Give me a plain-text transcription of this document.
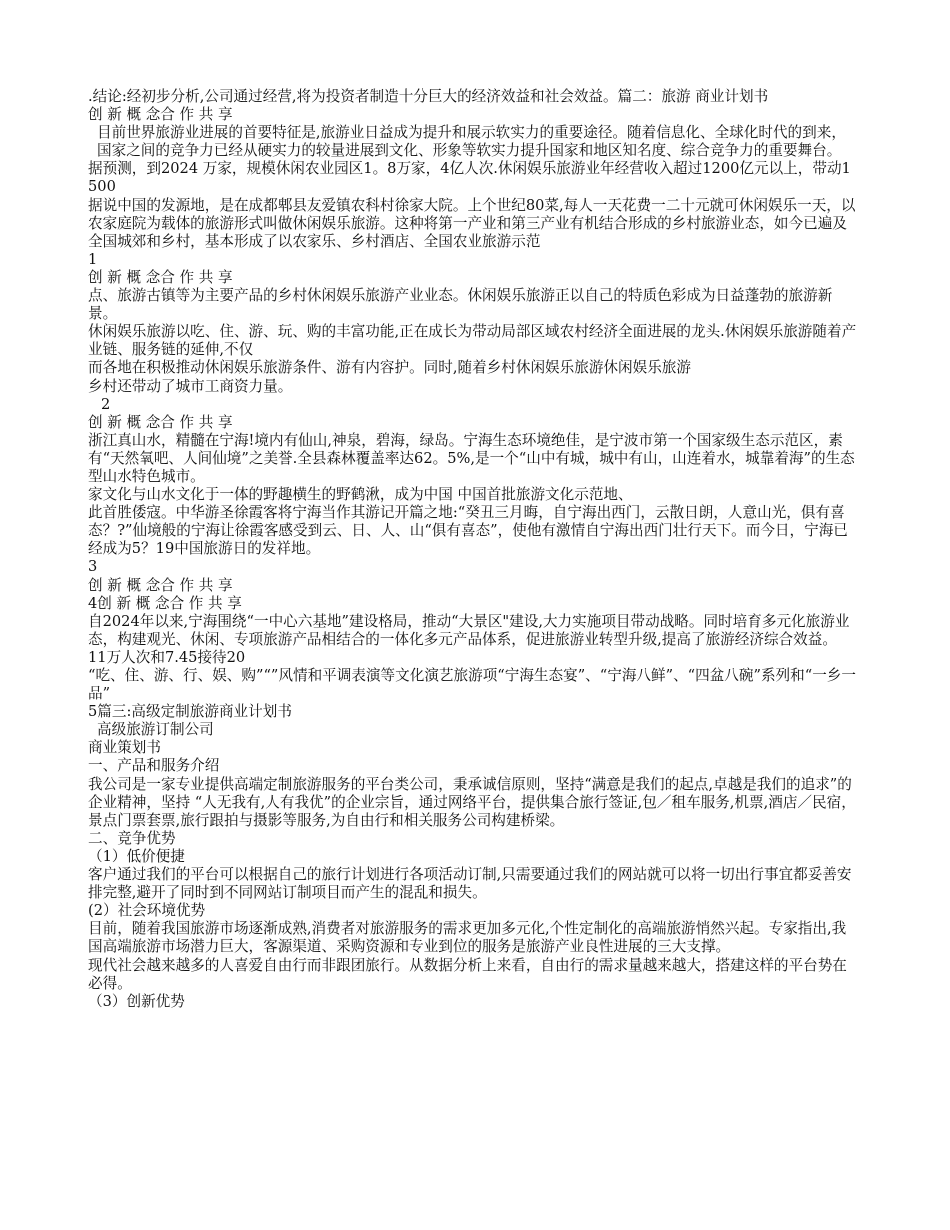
.结论:经初步分析,公司通过经营,将为投资者制造十分巨大的经济效益和社会效益。篇二：旅游 商业计划书

创 新 概 念合 作 共 享

目前世界旅游业进展的首要特征是,旅游业日益成为提升和展示软实力的重要途径。随着信息化、全球化时代的到来，国家之间的竞争力已经从硬实力的较量进展到文化、形象等软实力提升国家和地区知名度、综合竞争力的重要舞台。

据预测，到2024 万家，规模休闲农业园区1。8万家，4亿人次.休闲娱乐旅游业年经营收入超过1200亿元以上，带动1500

据说中国的发源地，是在成都郫县友爱镇农科村徐家大院。上个世纪80菜,每人一天花费一二十元就可休闲娱乐一天，以农家庭院为载体的旅游形式叫做休闲娱乐旅游。这种将第一产业和第三产业有机结合形成的乡村旅游业态，如今已遍及全国城郊和乡村，基本形成了以农家乐、乡村酒店、全国农业旅游示范

1

创 新 概 念合 作 共 享

点、旅游古镇等为主要产品的乡村休闲娱乐旅游产业业态。休闲娱乐旅游正以自己的特质色彩成为日益蓬勃的旅游新景。

休闲娱乐旅游以吃、住、游、玩、购的丰富功能,正在成长为带动局部区域农村经济全面进展的龙头.休闲娱乐旅游随着产业链、服务链的延伸,不仅

而各地在积极推动休闲娱乐旅游条件、游有内容护。同时,随着乡村休闲娱乐旅游休闲娱乐旅游

乡村还带动了城市工商资力量。

2

创 新 概 念合 作 共 享

浙江真山水，精髓在宁海!境内有仙山,神泉，碧海，绿岛。宁海生态环境绝佳，是宁波市第一个国家级生态示范区，素有“天然氧吧、人间仙境”之美誉.全县森林覆盖率达62。5%,是一个“山中有城，城中有山，山连着水，城靠着海”的生态型山水特色城市。

家文化与山水文化于一体的野趣横生的野鹤湫，成为中国 中国首批旅游文化示范地、

此首胜倭寇。中华游圣徐霞客将宁海当作其游记开篇之地:“癸丑三月晦，自宁海出西门，云散日朗，人意山光，俱有喜态？?”仙境般的宁海让徐霞客感受到云、日、人、山“俱有喜态”，使他有激情自宁海出西门壮行天下。而今日，宁海已经成为5？19中国旅游日的发祥地。

3

创 新 概 念合 作 共 享

4创 新 概 念合 作 共 享

自2024年以来,宁海围绕“一中心六基地”建设格局，推动“大景区"建设,大力实施项目带动战略。同时培育多元化旅游业态，构建观光、休闲、专项旅游产品相结合的一体化多元产品体系，促进旅游业转型升级,提高了旅游经济综合效益。

11万人次和7.45接待20

“吃、住、游、行、娱、购”“”风情和平调表演等文化演艺旅游项“宁海生态宴”、“宁海八鲜”、“四盆八碗”系列和“一乡一品”

5篇三:高级定制旅游商业计划书

高级旅游订制公司

商业策划书

一、产品和服务介绍

我公司是一家专业提供高端定制旅游服务的平台类公司，秉承诚信原则，坚持“满意是我们的起点,卓越是我们的追求”的企业精神，坚持 “人无我有,人有我优”的企业宗旨，通过网络平台，提供集合旅行签证,包／租车服务,机票,酒店／民宿，景点门票套票,旅行跟拍与摄影等服务,为自由行和相关服务公司构建桥梁。

二、竞争优势

（1）低价便捷

客户通过我们的平台可以根据自己的旅行计划进行各项活动订制,只需要通过我们的网站就可以将一切出行事宜都妥善安排完整,避开了同时到不同网站订制项目而产生的混乱和损失。

(2）社会环境优势

目前，随着我国旅游市场逐渐成熟,消费者对旅游服务的需求更加多元化,个性定制化的高端旅游悄然兴起。专家指出,我国高端旅游市场潜力巨大，客源渠道、采购资源和专业到位的服务是旅游产业良性进展的三大支撑。

现代社会越来越多的人喜爱自由行而非跟团旅行。从数据分析上来看，自由行的需求量越来越大，搭建这样的平台势在必得。

（3）创新优势
